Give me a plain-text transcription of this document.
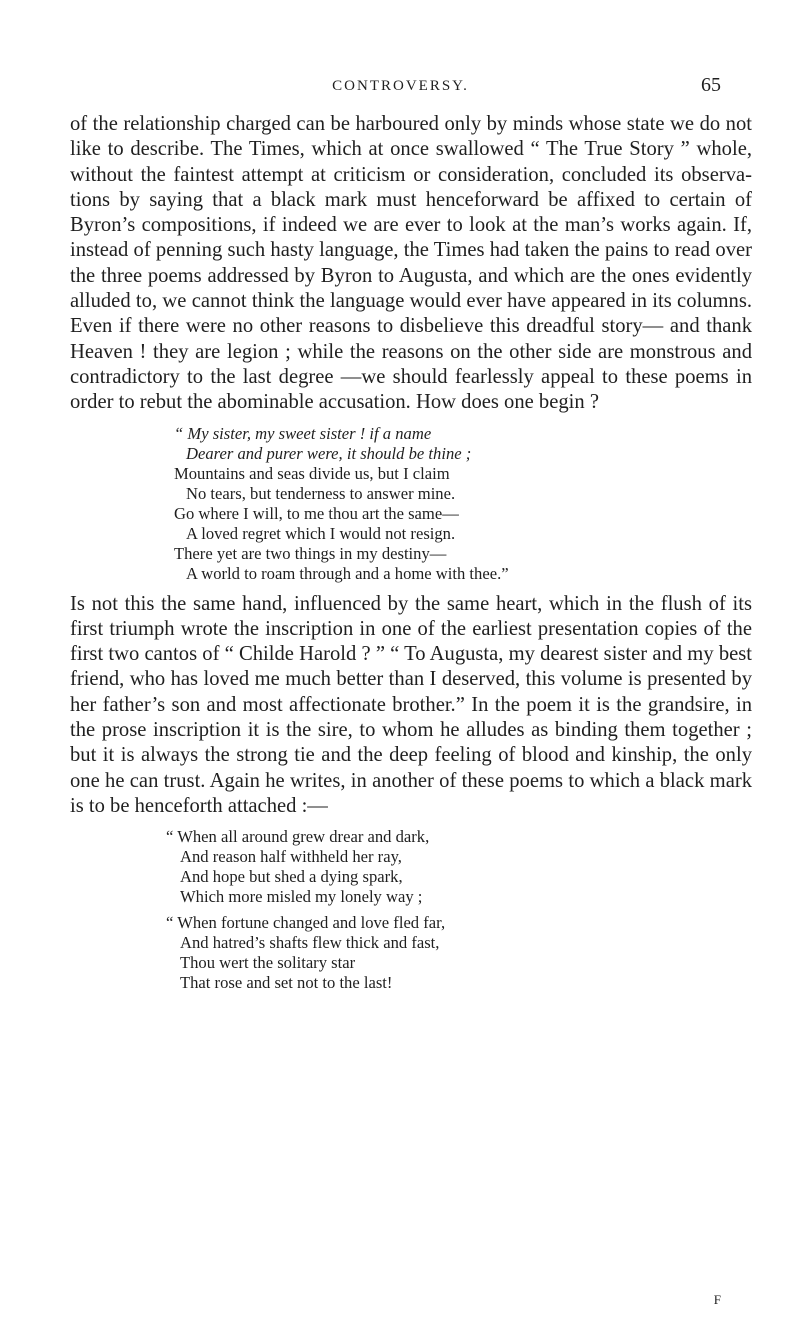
CONTROVERSY.	65

of the relationship charged can be harboured only by minds whose state we do not like to describe. The Times, which at once swallowed “ The True Story ” whole, without the faintest attempt at criticism or consideration, concluded its observations by saying that a black mark must henceforward be affixed to certain of Byron’s compositions, if indeed we are ever to look at the man’s works again. If, instead of penning such hasty language, the Times had taken the pains to read over the three poems addressed by Byron to Augusta, and which are the ones evidently alluded to, we cannot think the language would ever have appeared in its columns. Even if there were no other reasons to disbelieve this dreadful story— and thank Heaven ! they are legion ; while the reasons on the other side are monstrous and contradictory to the last degree —we should fearlessly appeal to these poems in order to rebut the abominable accusation. How does one begin ?

“ My sister, my sweet sister ! if a name
Dearer and purer were, it should be thine ;
Mountains and seas divide us, but I claim
No tears, but tenderness to answer mine.
Go where I will, to me thou art the same—
A loved regret which I would not resign.
There yet are two things in my destiny—
A world to roam through and a home with thee.”

Is not this the same hand, influenced by the same heart, which in the flush of its first triumph wrote the inscription in one of the earliest presentation copies of the first two cantos of “ Childe Harold ? ” “ To Augusta, my dearest sister and my best friend, who has loved me much better than I deserved, this volume is presented by her father’s son and most affectionate brother.” In the poem it is the grandsire, in the prose inscription it is the sire, to whom he alludes as binding them together ; but it is always the strong tie and the deep feeling of blood and kinship, the only one he can trust. Again he writes, in another of these poems to which a black mark is to be henceforth attached :—

“ When all around grew drear and dark,
And reason half withheld her ray,
And hope but shed a dying spark,
Which more misled my lonely way ;
“ When fortune changed and love fled far,
And hatred’s shafts flew thick and fast,
Thou wert the solitary star
That rose and set not to the last!
F
